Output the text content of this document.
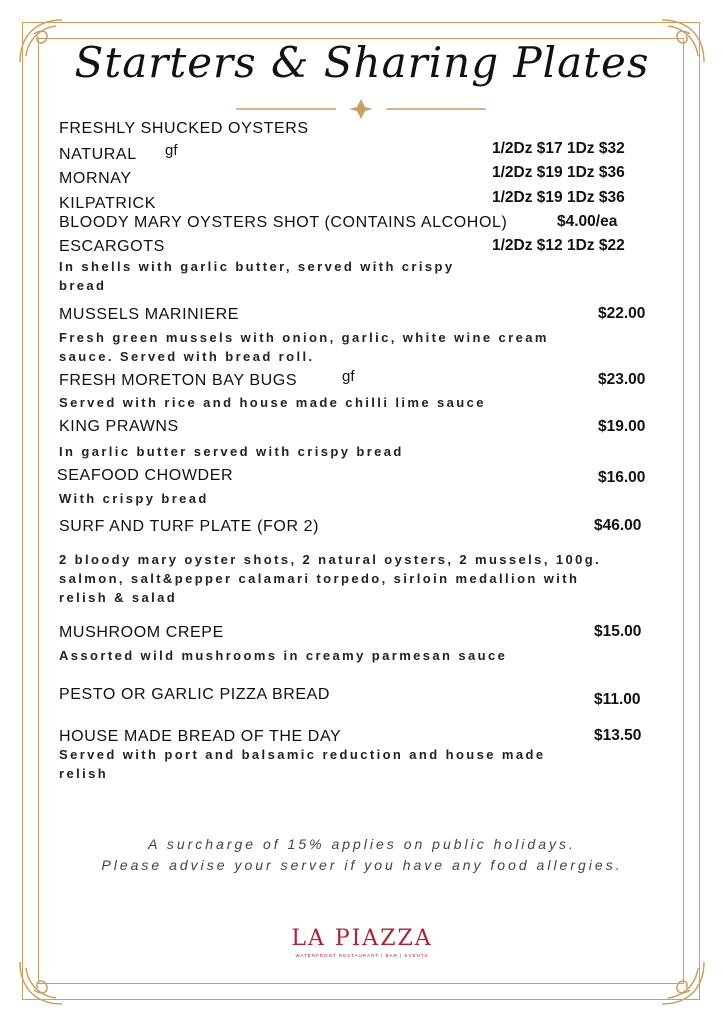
Starters & Sharing Plates
FRESHLY SHUCKED OYSTERS
NATURAL gf	1/2Dz $17 1Dz $32
MORNAY	1/2Dz $19 1Dz $36
KILPATRICK	1/2Dz $19 1Dz $36
BLOODY MARY OYSTERS SHOT (CONTAINS ALCOHOL)	$4.00/ea
ESCARGOTS	1/2Dz $12 1Dz $22
In shells with garlic butter, served with crispy bread
MUSSELS MARINIERE	$22.00
Fresh green mussels with onion, garlic, white wine cream sauce. Served with bread roll.
FRESH MORETON BAY BUGS	gf	$23.00
Served with rice and house made chilli lime sauce
KING PRAWNS	$19.00
In garlic butter served with crispy bread
SEAFOOD CHOWDER	$16.00
With crispy bread
SURF AND TURF PLATE (FOR 2)	$46.00
2 bloody mary oyster shots, 2 natural oysters, 2 mussels, 100g. salmon, salt&pepper calamari torpedo, sirloin medallion with relish & salad
MUSHROOM CREPE	$15.00
Assorted wild mushrooms in creamy parmesan sauce
PESTO OR GARLIC PIZZA BREAD	$11.00
HOUSE MADE BREAD OF THE DAY	$13.50
Served with port and balsamic reduction and house made relish
A surcharge of 15% applies on public holidays.
Please advise your server if you have any food allergies.
LA PIAZZA
WATERFRONT RESTAURANT | BAR | EVENTS
